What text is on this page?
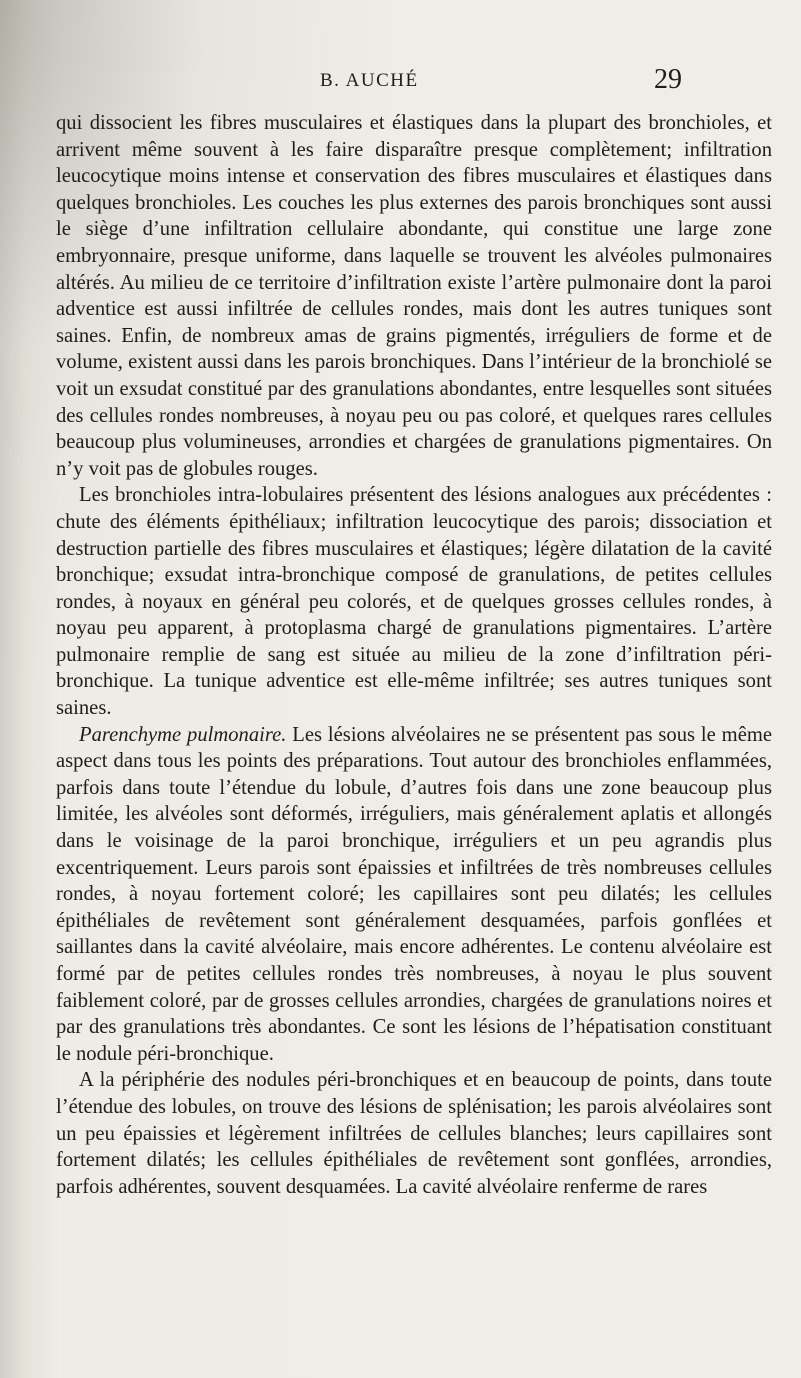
B. AUCHÉ	29

qui dissocient les fibres musculaires et élastiques dans la plupart des bronchioles, et arrivent même souvent à les faire disparaître presque complètement; infiltration leucocytique moins intense et conservation des fibres musculaires et élastiques dans quelques bronchioles. Les couches les plus externes des parois bronchiques sont aussi le siège d’une infiltration cellulaire abondante, qui constitue une large zone embryonnaire, presque uniforme, dans laquelle se trouvent les alvéoles pulmonaires altérés. Au milieu de ce territoire d’infiltration existe l’artère pulmonaire dont la paroi adventice est aussi infiltrée de cellules rondes, mais dont les autres tuniques sont saines. Enfin, de nombreux amas de grains pigmentés, irréguliers de forme et de volume, existent aussi dans les parois bronchiques. Dans l’intérieur de la bronchiolé se voit un exsudat constitué par des granulations abondantes, entre lesquelles sont situées des cellules rondes nombreuses, à noyau peu ou pas coloré, et quelques rares cellules beaucoup plus volumineuses, arrondies et chargées de granulations pigmentaires. On n’y voit pas de globules rouges.

Les bronchioles intra-lobulaires présentent des lésions analogues aux précédentes : chute des éléments épithéliaux; infiltration leucocytique des parois; dissociation et destruction partielle des fibres musculaires et élastiques; légère dilatation de la cavité bronchique; exsudat intra-bronchique composé de granulations, de petites cellules rondes, à noyaux en général peu colorés, et de quelques grosses cellules rondes, à noyau peu apparent, à protoplasma chargé de granulations pigmentaires. L’artère pulmonaire remplie de sang est située au milieu de la zone d’infiltration péri-bronchique. La tunique adventice est elle-même infiltrée; ses autres tuniques sont saines.

Parenchyme pulmonaire. Les lésions alvéolaires ne se présentent pas sous le même aspect dans tous les points des préparations. Tout autour des bronchioles enflammées, parfois dans toute l’étendue du lobule, d’autres fois dans une zone beaucoup plus limitée, les alvéoles sont déformés, irréguliers, mais généralement aplatis et allongés dans le voisinage de la paroi bronchique, irréguliers et un peu agrandis plus excentriquement. Leurs parois sont épaissies et infiltrées de très nombreuses cellules rondes, à noyau fortement coloré; les capillaires sont peu dilatés; les cellules épithéliales de revêtement sont généralement desquamées, parfois gonflées et saillantes dans la cavité alvéolaire, mais encore adhérentes. Le contenu alvéolaire est formé par de petites cellules rondes très nombreuses, à noyau le plus souvent faiblement coloré, par de grosses cellules arrondies, chargées de granulations noires et par des granulations très abondantes. Ce sont les lésions de l’hépatisation constituant le nodule péri-bronchique.

A la périphérie des nodules péri-bronchiques et en beaucoup de points, dans toute l’étendue des lobules, on trouve des lésions de splénisation; les parois alvéolaires sont un peu épaissies et légèrement infiltrées de cellules blanches; leurs capillaires sont fortement dilatés; les cellules épithéliales de revêtement sont gonflées, arrondies, parfois adhérentes, souvent desquamées. La cavité alvéolaire renferme de rares
